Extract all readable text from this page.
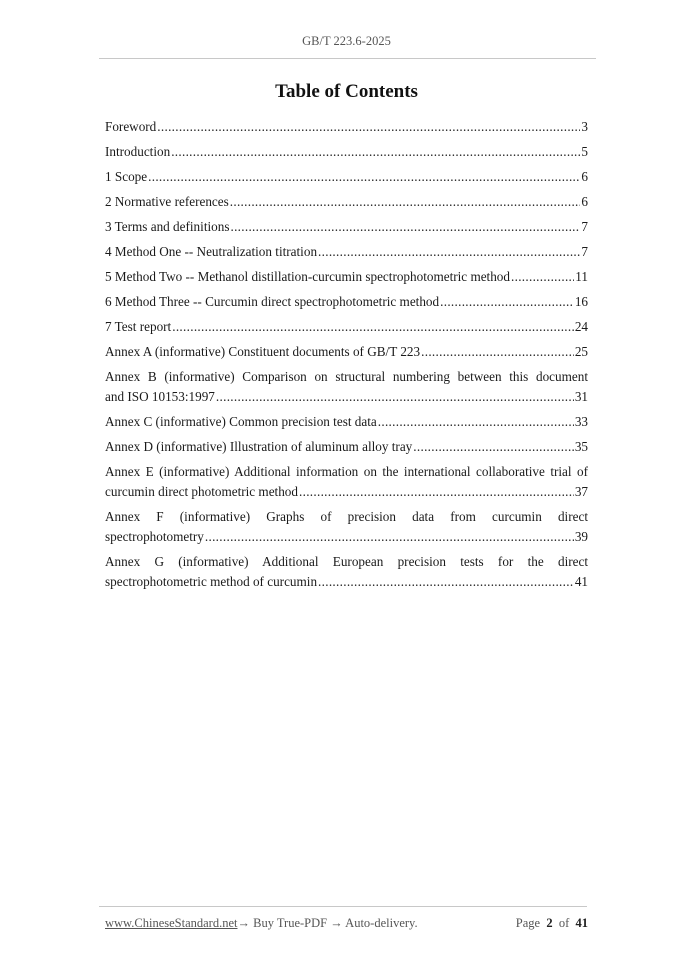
GB/T 223.6-2025
Table of Contents
Foreword .....	3
Introduction .....	5
1 Scope .....	6
2 Normative references .....	6
3 Terms and definitions .....	7
4 Method One -- Neutralization titration .....	7
5 Method Two -- Methanol distillation-curcumin spectrophotometric method .....	11
6 Method Three -- Curcumin direct spectrophotometric method .....	16
7 Test report .....	24
Annex A (informative) Constituent documents of GB/T 223 .....	25
Annex B (informative) Comparison on structural numbering between this document
and ISO 10153:1997 .....	31
Annex C (informative) Common precision test data .....	33
Annex D (informative) Illustration of aluminum alloy tray .....	35
Annex E (informative) Additional information on the international collaborative trial of
curcumin direct photometric method .....	37
Annex F (informative) Graphs of precision data from curcumin direct
spectrophotometry .....	39
Annex G (informative) Additional European precision tests for the direct
spectrophotometric method of curcumin .....	41
www.ChineseStandard.net→ Buy True-PDF → Auto-delivery.	Page 2 of 41
